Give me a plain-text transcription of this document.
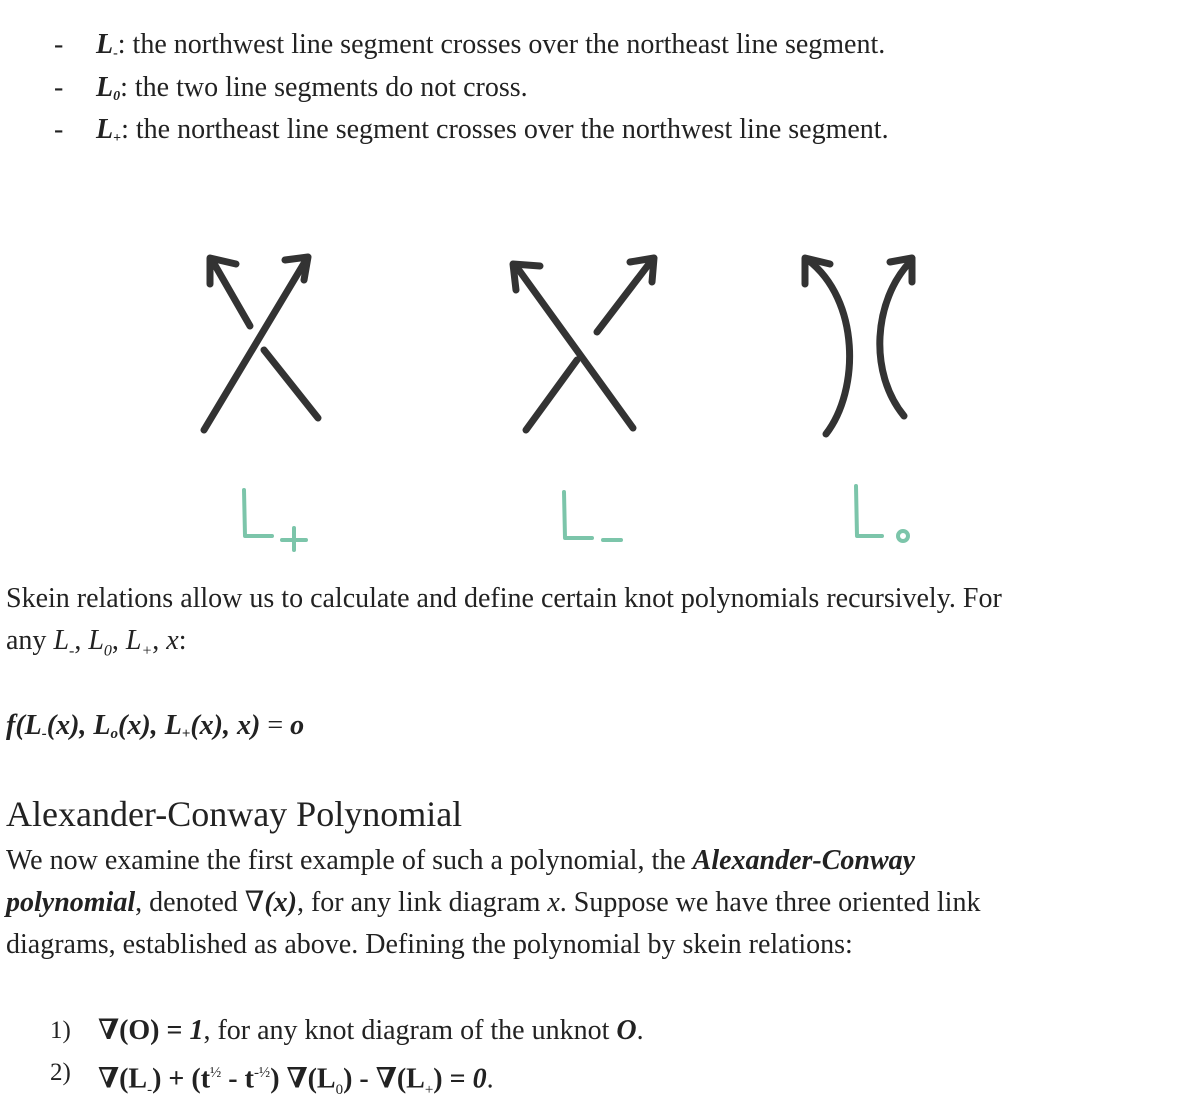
- $L_-$: the northwest line segment crosses over the northeast line segment.
- $L_0$: the two line segments do not cross.
- $L_+$: the northeast line segment crosses over the northwest line segment.
Skein relations allow us to calculate and define certain knot polynomials recursively. For
any $L_-$, $L_0$, $L_+$, x:
$f(L_-(x)$, $L_o(x)$, $L_+(x)$, x) = o
Alexander-Conway Polynomial
We now examine the first example of such a polynomial, the Alexander-Conway
polynomial, denoted ∇(x), for any link diagram x. Suppose we have three oriented link
diagrams, established as above. Defining the polynomial by skein relations:
1) ∇(O) = 1, for any knot diagram of the unknot O.
2) $\nabla(L_-) + (t^{\frac{1}{2}} - t^{-\frac{1}{2}})$ $\nabla(L_0) - \nabla(L_+) = 0$.
